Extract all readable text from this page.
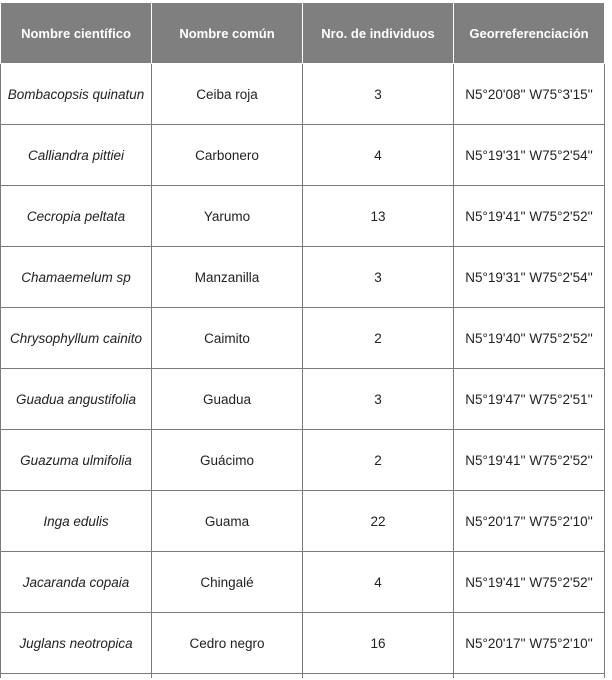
Nombre científico	Nombre común	Nro. de individuos	Georreferenciación
Bombacopsis quinatun	Ceiba roja	3	N5°20'08'' W75°3'15''
Calliandra pittiei	Carbonero	4	N5°19'31'' W75°2'54''
Cecropia peltata	Yarumo	13	N5°19'41'' W75°2'52''
Chamaemelum sp	Manzanilla	3	N5°19'31'' W75°2'54''
Chrysophyllum cainito	Caimito	2	N5°19'40'' W75°2'52''
Guadua angustifolia	Guadua	3	N5°19'47'' W75°2'51''
Guazuma ulmifolia	Guácimo	2	N5°19'41'' W75°2'52''
Inga edulis	Guama	22	N5°20'17'' W75°2'10''
Jacaranda copaia	Chingalé	4	N5°19'41'' W75°2'52''
Juglans neotropica	Cedro negro	16	N5°20'17'' W75°2'10''
